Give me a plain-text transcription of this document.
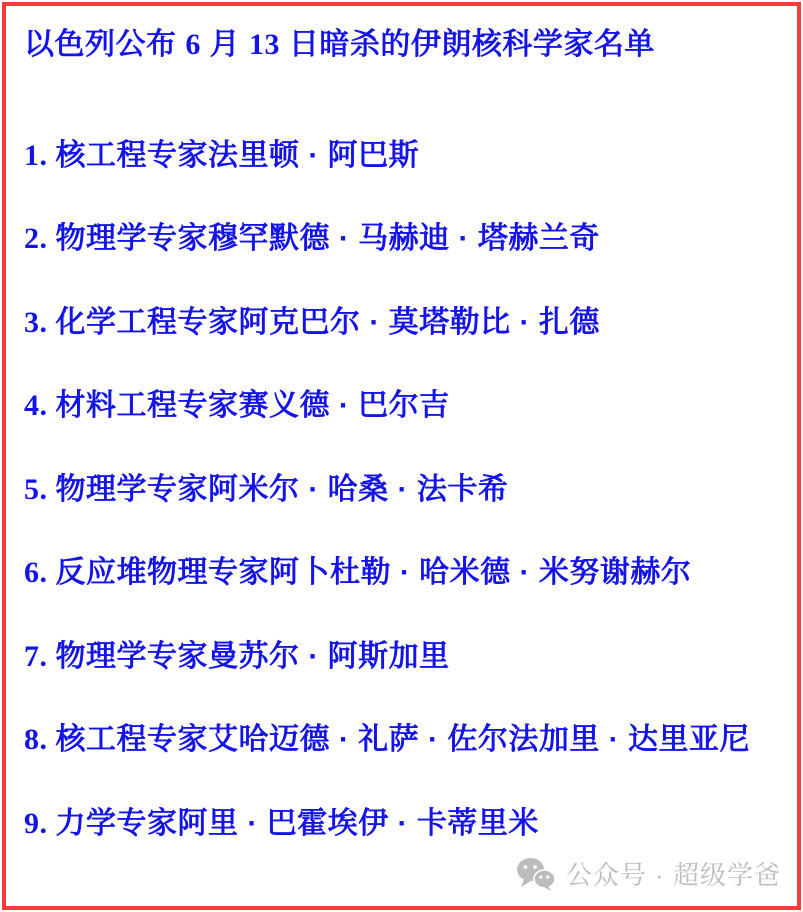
以色列公布 6 月 13 日暗杀的伊朗核科学家名单
1. 核工程专家法里顿 · 阿巴斯
2. 物理学专家穆罕默德 · 马赫迪 · 塔赫兰奇
3. 化学工程专家阿克巴尔 · 莫塔勒比 · 扎德
4. 材料工程专家赛义德 · 巴尔吉
5. 物理学专家阿米尔 · 哈桑 · 法卡希
6. 反应堆物理专家阿卜杜勒 · 哈米德 · 米努谢赫尔
7. 物理学专家曼苏尔 · 阿斯加里
8. 核工程专家艾哈迈德 · 礼萨 · 佐尔法加里 · 达里亚尼
9. 力学专家阿里 · 巴霍埃伊 · 卡蒂里米
公众号 · 超级学爸
